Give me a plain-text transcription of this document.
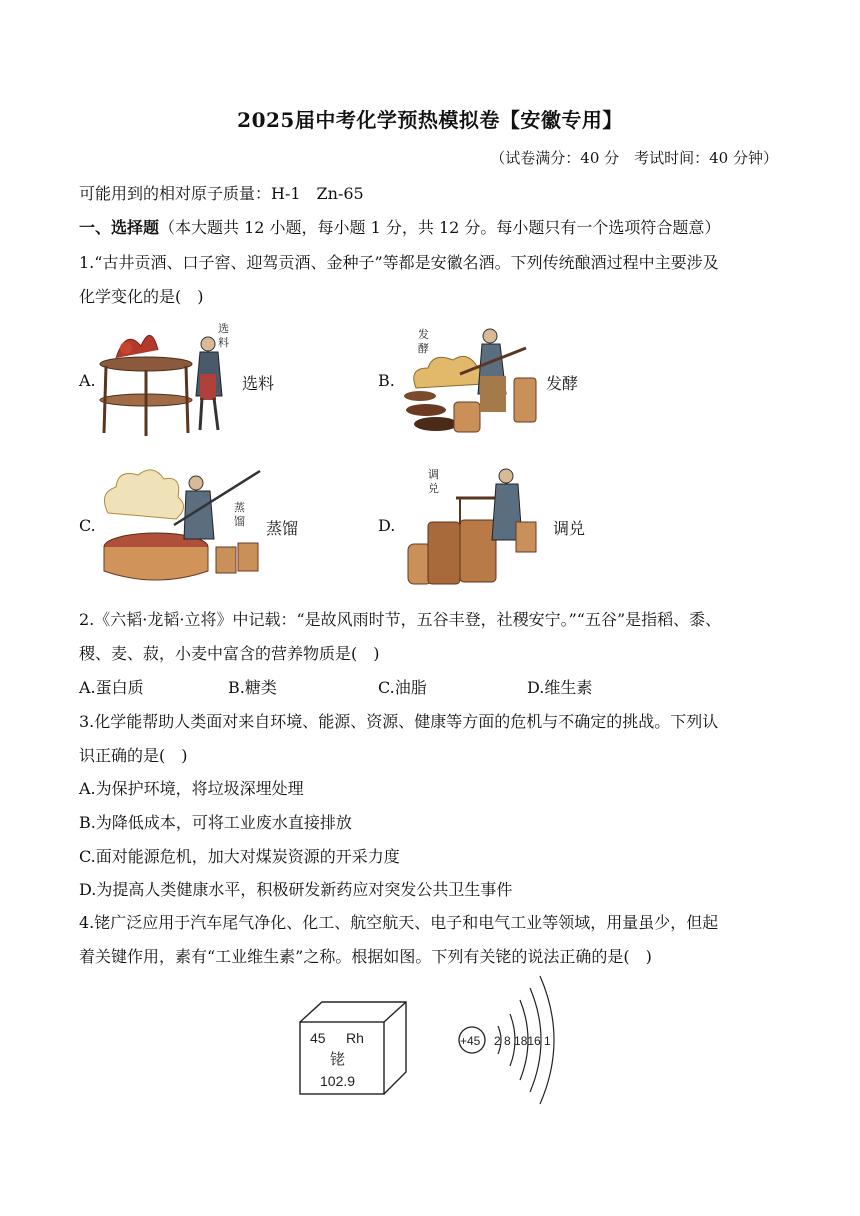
2025届中考化学预热模拟卷【安徽专用】
（试卷满分：40 分　考试时间：40 分钟）
可能用到的相对原子质量：H-1　Zn-65
一、选择题（本大题共 12 小题，每小题 1 分，共 12 分。每小题只有一个选项符合题意）
1.“古井贡酒、口子窖、迎驾贡酒、金种子”等都是安徽名酒。下列传统酿酒过程中主要涉及
化学变化的是(　)
A.
选
料
选料	B.
发
酵
发酵
C.
蒸
馏 蒸馏	D.
调
兑
调兑
2.《六韬·龙韬·立将》中记载：“是故风雨时节，五谷丰登，社稷安宁。”“五谷”是指稻、黍、
稷、麦、菽，小麦中富含的营养物质是(　)
A.蛋白质	B.糖类	C.油脂	D.维生素
3.化学能帮助人类面对来自环境、能源、资源、健康等方面的危机与不确定的挑战。下列认
识正确的是(　)
A.为保护环境，将垃圾深埋处理
B.为降低成本，可将工业废水直接排放
C.面对能源危机，加大对煤炭资源的开采力度
D.为提高人类健康水平，积极研发新药应对突发公共卫生事件
4.铑广泛应用于汽车尾气净化、化工、航空航天、电子和电气工业等领域，用量虽少，但起
着关键作用，素有“工业维生素”之称。根据如图。下列有关铑的说法正确的是(　)
45 Rh
铑
102.9
+45 2 8 1816 1
